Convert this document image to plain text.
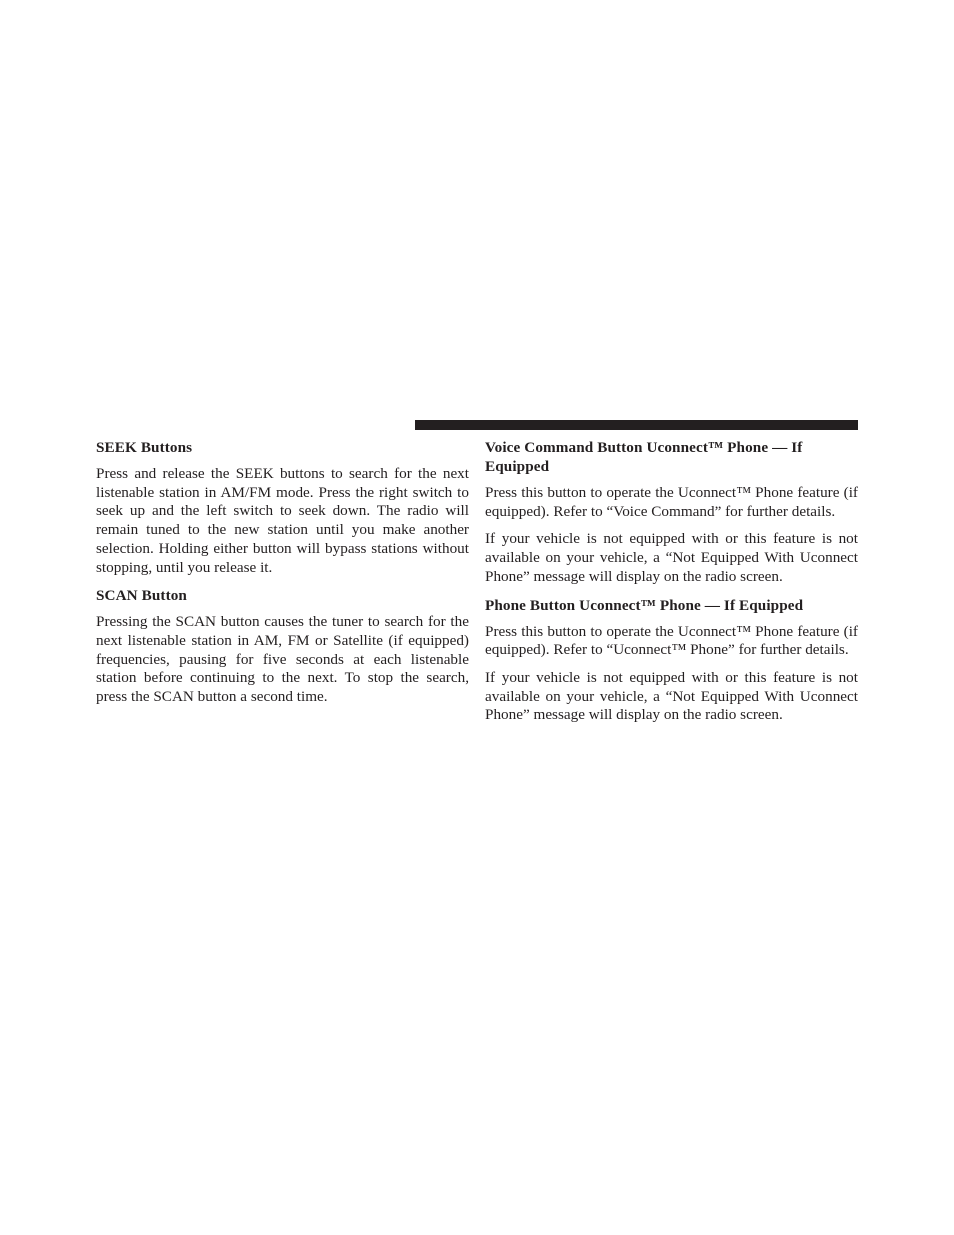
SEEK Buttons

Press and release the SEEK buttons to search for the next listenable station in AM/FM mode. Press the right switch to seek up and the left switch to seek down. The radio will remain tuned to the new station until you make another selection. Holding either button will bypass stations without stopping, until you release it.

SCAN Button

Pressing the SCAN button causes the tuner to search for the next listenable station in AM, FM or Satellite (if equipped) frequencies, pausing for five seconds at each listenable station before continuing to the next. To stop the search, press the SCAN button a second time.

Voice Command Button Uconnect™ Phone — If Equipped

Press this button to operate the Uconnect™ Phone feature (if equipped). Refer to “Voice Command” for further details.

If your vehicle is not equipped with or this feature is not available on your vehicle, a “Not Equipped With Uconnect Phone” message will display on the radio screen.

Phone Button Uconnect™ Phone — If Equipped

Press this button to operate the Uconnect™ Phone feature (if equipped). Refer to “Uconnect™ Phone” for further details.

If your vehicle is not equipped with or this feature is not available on your vehicle, a “Not Equipped With Uconnect Phone” message will display on the radio screen.
